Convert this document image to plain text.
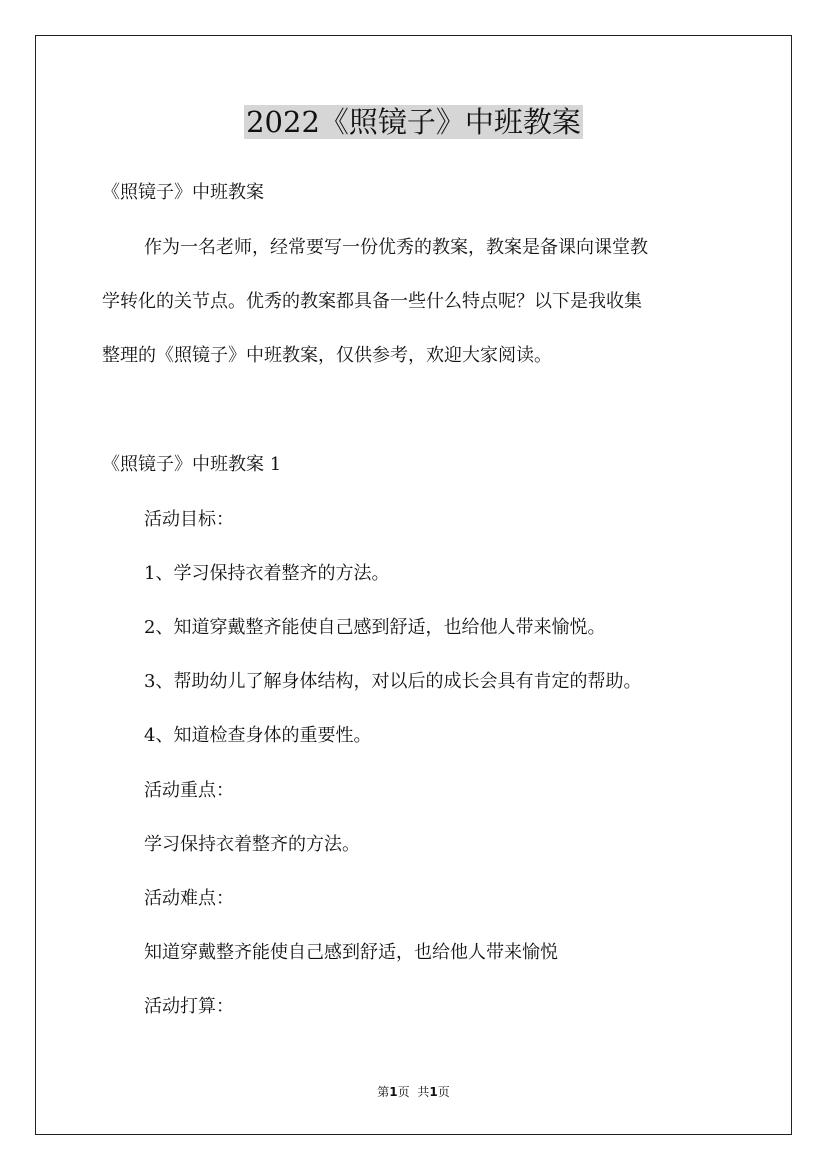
2022《照镜子》中班教案
《照镜子》中班教案
作为一名老师，经常要写一份优秀的教案，教案是备课向课堂教
学转化的关节点。优秀的教案都具备一些什么特点呢？以下是我收集
整理的《照镜子》中班教案，仅供参考，欢迎大家阅读。
《照镜子》中班教案 1
活动目标：
1、学习保持衣着整齐的方法。
2、知道穿戴整齐能使自己感到舒适，也给他人带来愉悦。
3、帮助幼儿了解身体结构，对以后的成长会具有肯定的帮助。
4、知道检查身体的重要性。
活动重点：
学习保持衣着整齐的方法。
活动难点：
知道穿戴整齐能使自己感到舒适，也给他人带来愉悦
活动打算：
第1页 共1页
